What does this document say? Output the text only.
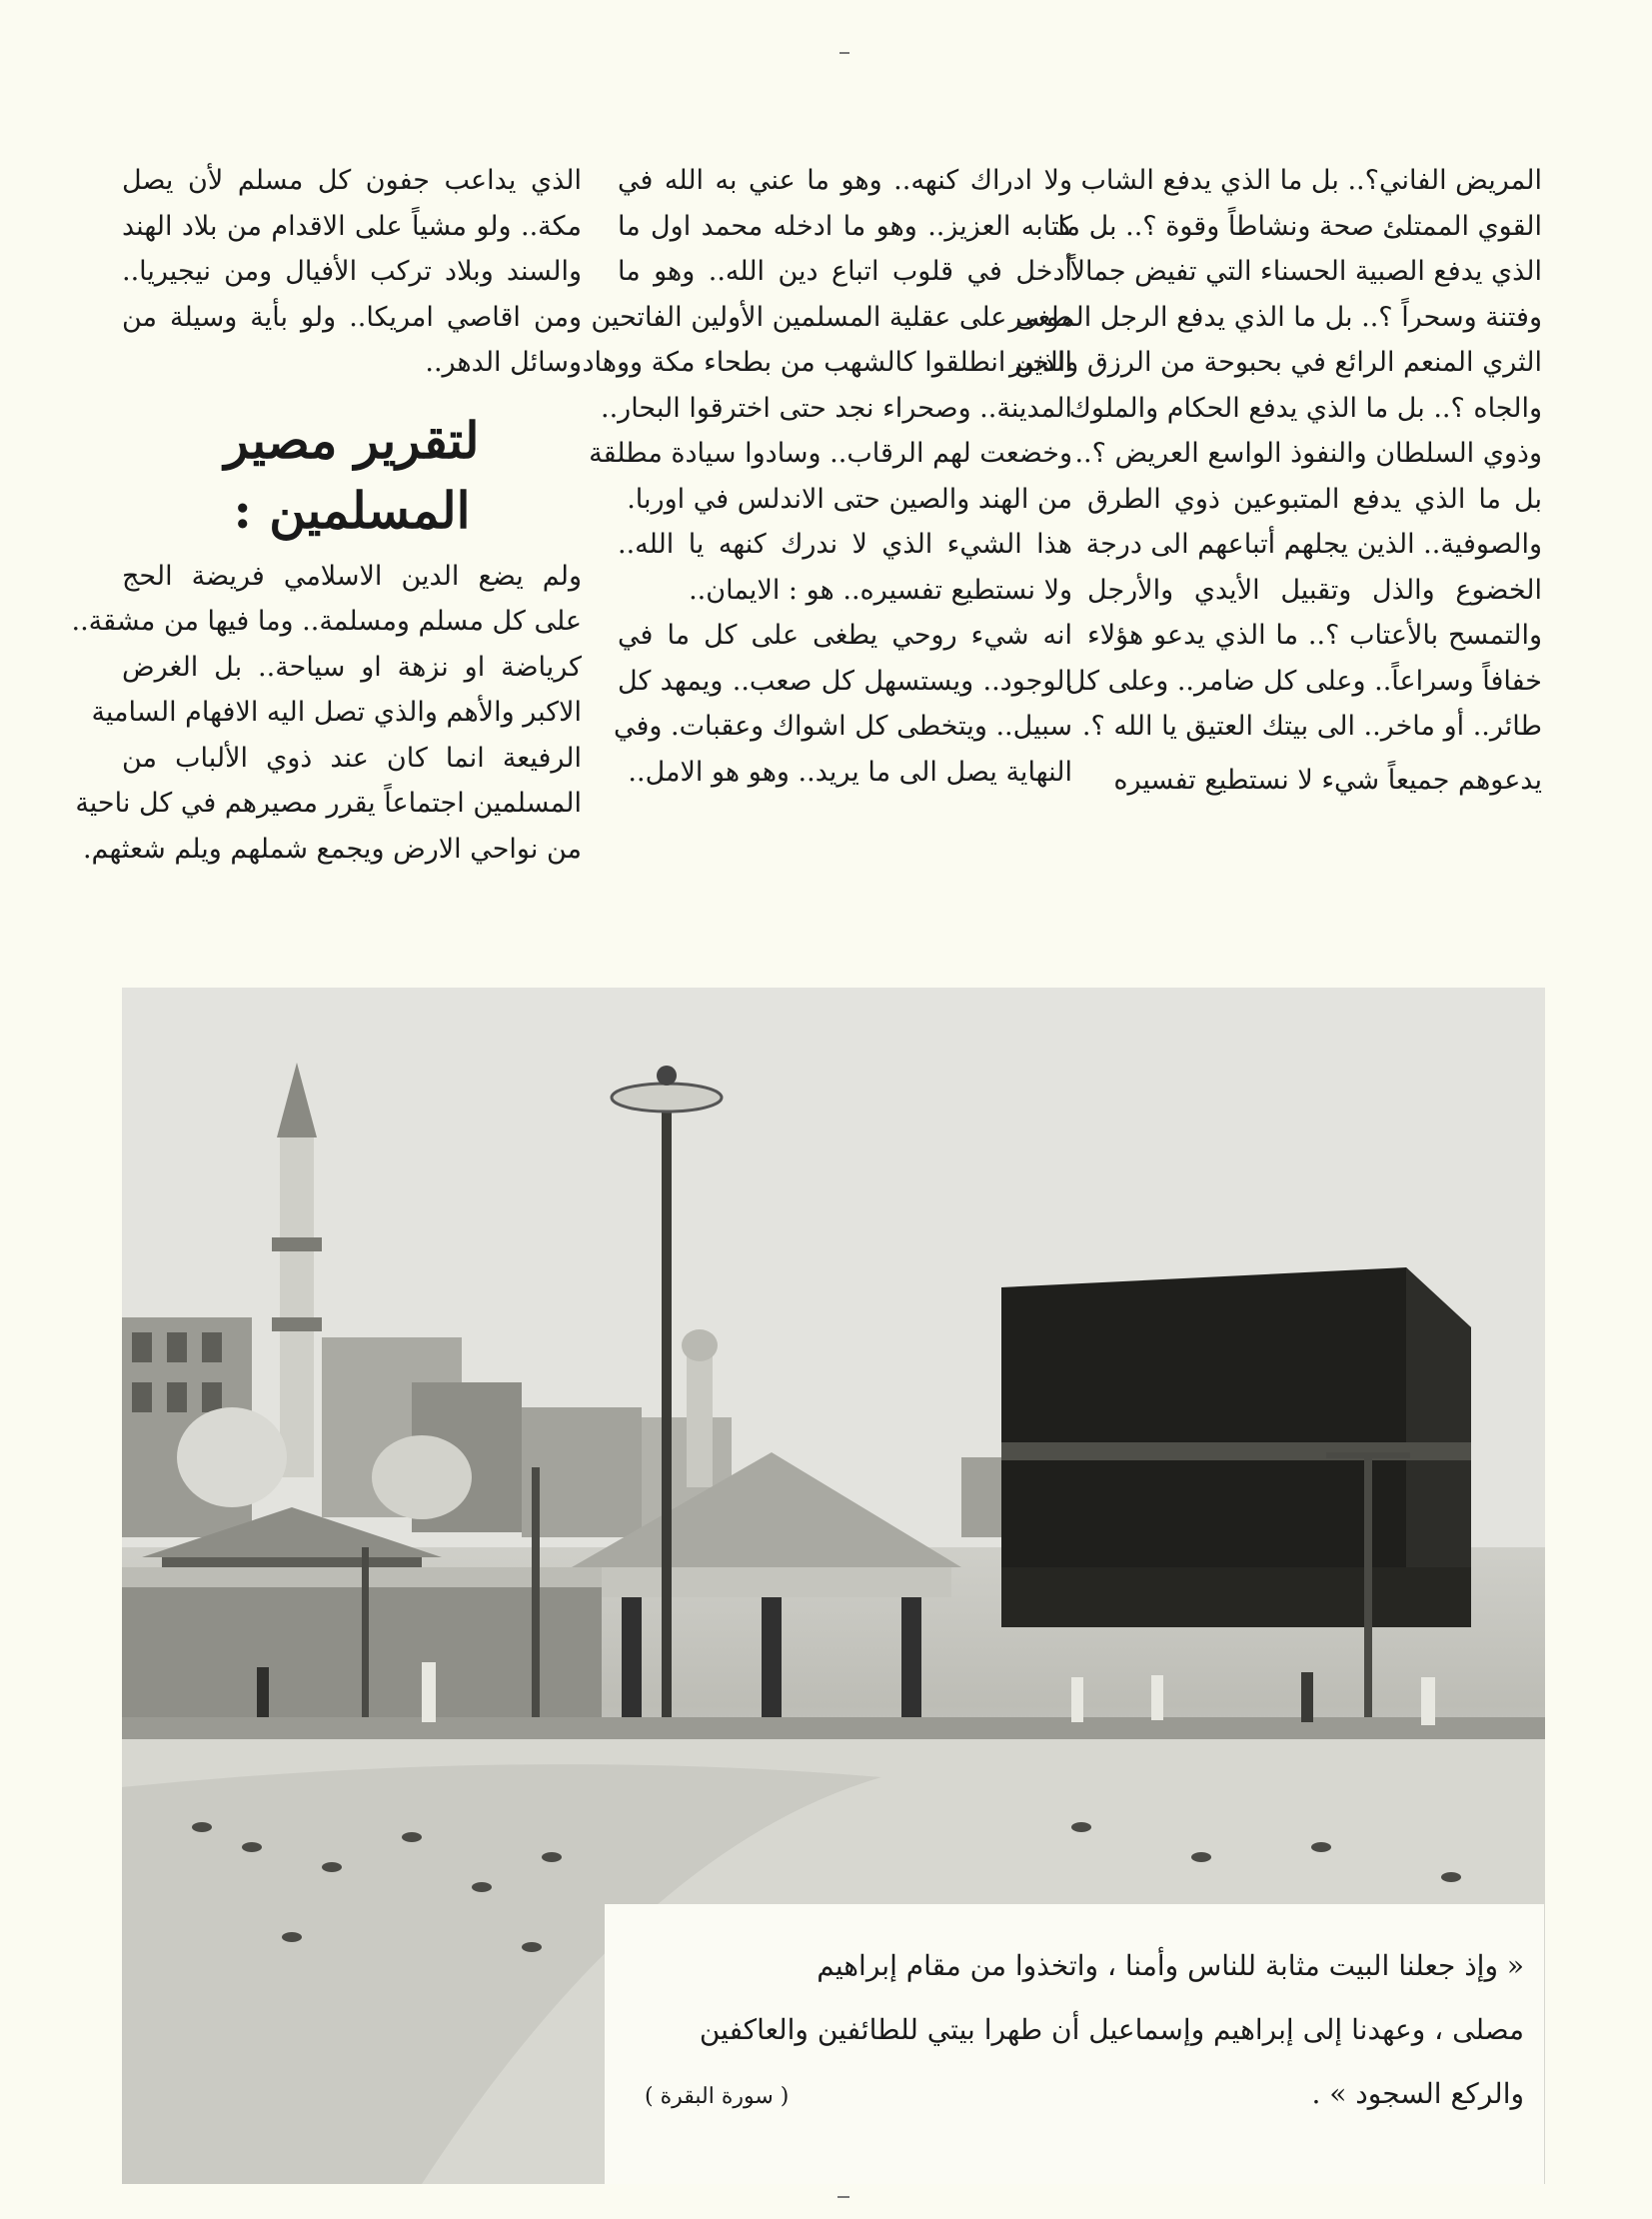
المريض الفاني؟.. بل ما الذي يدفع الشاب
القوي الممتلئ صحة ونشاطاً وقوة ؟.. بل ما
الذي يدفع الصبية الحسناء التي تفيض جمالاً
وفتنة وسحراً ؟.. بل ما الذي يدفع الرجل الموسر
الثري المنعم الرائع في بحبوحة من الرزق والخير
والجاه ؟.. بل ما الذي يدفع الحكام والملوك
وذوي السلطان والنفوذ الواسع العريض ؟..
بل ما الذي يدفع المتبوعين ذوي الطرق
والصوفية.. الذين يجلهم أتباعهم الى درجة
الخضوع والذل وتقبيل الأيدي والأرجل
والتمسح بالأعتاب ؟.. ما الذي يدعو هؤلاء
خفافاً وسراعاً.. وعلى كل ضامر.. وعلى كل
طائر.. أو ماخر.. الى بيتك العتيق يا الله ؟.
يدعوهم جميعاً شيء لا نستطيع تفسيره
ولا ادراك كنهه.. وهو ما عني به الله في
كتابه العزيز.. وهو ما ادخله محمد اول ما
أدخل في قلوب اتباع دين الله.. وهو ما
طغى على عقلية المسلمين الأولين الفاتحين
الذين انطلقوا كالشهب من بطحاء مكة ووهاد
المدينة.. وصحراء نجد حتى اخترقوا البحار..
وخضعت لهم الرقاب.. وسادوا سيادة مطلقة
من الهند والصين حتى الاندلس في اوربا.
هذا الشيء الذي لا ندرك كنهه يا الله..
ولا نستطيع تفسيره.. هو : الايمان..
انه شيء روحي يطغى على كل ما في
الوجود.. ويستسهل كل صعب.. ويمهد كل
سبيل.. ويتخطى كل اشواك وعقبات. وفي
النهاية يصل الى ما يريد.. وهو هو الامل..
الذي يداعب جفون كل مسلم لأن يصل
مكة.. ولو مشياً على الاقدام من بلاد الهند
والسند وبلاد تركب الأفيال ومن نيجيريا..
ومن اقاصي امريكا.. ولو بأية وسيلة من
وسائل الدهر..
لتقرير مصير المسلمين :
ولم يضع الدين الاسلامي فريضة الحج
على كل مسلم ومسلمة.. وما فيها من مشقة..
كرياضة او نزهة او سياحة.. بل الغرض
الاكبر والأهم والذي تصل اليه الافهام السامية
الرفيعة انما كان عند ذوي الألباب من
المسلمين اجتماعاً يقرر مصيرهم في كل ناحية
من نواحي الارض ويجمع شملهم ويلم شعثهم.
« وإذ جعلنا البيت مثابة للناس وأمنا ، واتخذوا من مقام إبراهيم
مصلى ، وعهدنا إلى إبراهيم وإسماعيل أن طهرا بيتي للطائفين والعاكفين
والركع السجود » .
( سورة البقرة )
